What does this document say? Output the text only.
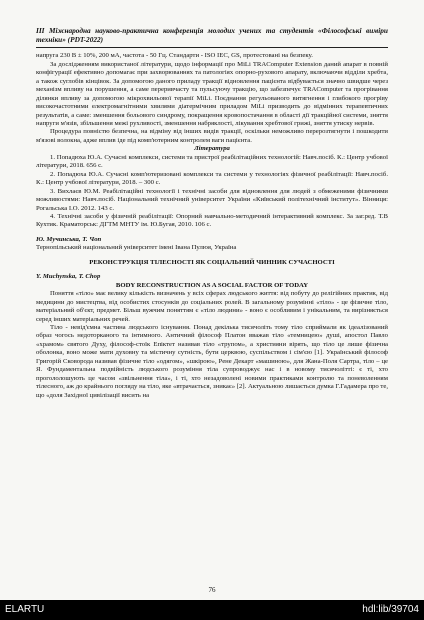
ІІІ Міжнародна науково-практична конференція молодих учених та студентів «Філософські виміри техніки» (PDT-2022)

напруга 230 В ± 10%, 200 мА, частота - 50 Гц. Стандарти - ISO IEC, GS, протестовані на безпеку.

За дослідженням використаної літератури, щодо інформації про MiLi TRAComputer Extension даний апарат в повній конфігурації ефективно допомагає при захворюваннях та патологіях опорно-рухового апарату, включаючи відділи хребта, а також суглобів кінцівок. За допомогою даного приладу тракції відновлення пацієнта відбувається значно швидше через механізм впливу на порушення, а саме переривчасту та пульсуючу тракцію, що забезпечує TRAComputer та прогрівання ділянки впливу за допомогою мікрохвильової терапії MiLi. Поєднання регульованого витягнення і глибокого прогріву високочастотними електромагнітними хвилями діатермічним приладом MiLi призводить до відмінних терапевтичних результатів, а саме: зменшення больового синдрому, покращення кровопостачання в області дії тракційної системи, зняття напруги м'язів, збільшення межі рухливості, зменшення набряклості, лікування хребтової грижі, зняття утиску нервів.

Процедура повністю безпечна, на відміну від інших видів тракції, оскільки неможливо перерозтягнути і пошкодити м'язові волокна, адже вплив іде під комп'ютерним контролем ваги пацієнта.

Література

1. Попадюха Ю.А. Сучасні комплекси, системи та пристрої реабілітаційних технологій: Навч.посіб. К.: Центр учбової літератури, 2018. 656 с.

2. Попадюха Ю.А. Сучасні комп'ютеризовані комплекси та системи у технологіях фізичної реабілітації: Навч.посіб. К.: Центр учбової літератури, 2018. – 300 с.

3. Вихлаєв Ю.М. Реабілітаційні технології і технічні засоби для відновлення для людей з обмеженими фізичними можливостями: Навч.посіб. Національний технічний університет України «Київський політехнічний інститут». Вінниця: Рогальська І.О. 2012. 143 с.

4. Технічні засоби у фізичній реабілітації: Опорний навчально-методичний інтерактивний комплекс. За заг.ред. Т.В Кухтик. Краматорськ: ДГТМ МНТУ ім. Ю.Бугая, 2010. 106 с.

Ю. Мучинська, Т. Чоп

Тернопільський національний університет імені Івана Пулюя, Україна

РЕКОНСТРУКЦІЯ ТІЛЕСНОСТІ ЯК СОЦІАЛЬНИЙ ЧИННИК СУЧАСНОСТІ

Y. Muchynska, T. Chop

BODY RECONSTRUCTION AS A SOCIAL FACTOR OF TODAY

Поняття «тіло» має велику кількість визначень у всіх сферах людського життя: від побуту до релігійних практик, від медицини до мистецтва, від особистих стосунків до соціальних ролей. В загальному розумінні «тіло» - це фізичне тіло, матеріальний об'єкт, предмет. Більш вужчим поняттям є «тіло людини» - воно є особливим і унікальним, та вирізняється серед інших матеріальних речей.

Тіло - невід'ємна частина людського існування. Понад декілька тисячоліть тому тіло сприймали як ідеалізований образ чогось недоторканого та інтимного. Античний філософ Платон вважав тіло «темницею» душі, апостол Павло «храмом» святого Духу, філософ-стоїк Епіктет називав тіло «трупом», а християни вірять, що тіло це лише фізична оболонка, воно може мати духовну та містичну сутність, бути церквою, суспільством і сім'єю [1]. Український філософ Григорій Сковорода називав фізичне тіло «одягом», «шкірою», Рене Декарт «машиною», для Жана-Поля Сартра, тіло – це Я. Фундаментальна подвійність людського розуміння тіла супроводжує нас і в новому тисячолітті: є ті, хто прогололошують це часом «звільнення тіла», і ті, хто незадоволені новими практиками контролю та поневоленням тілесного, аж до крайнього погляду на тіло, яке «втрачається, зникає» [2]. Актуальною лишається думка Г.Гадамера про те, що «доля Західної цивілізації висить на

76
ELARTU	hdl:lib/39704
